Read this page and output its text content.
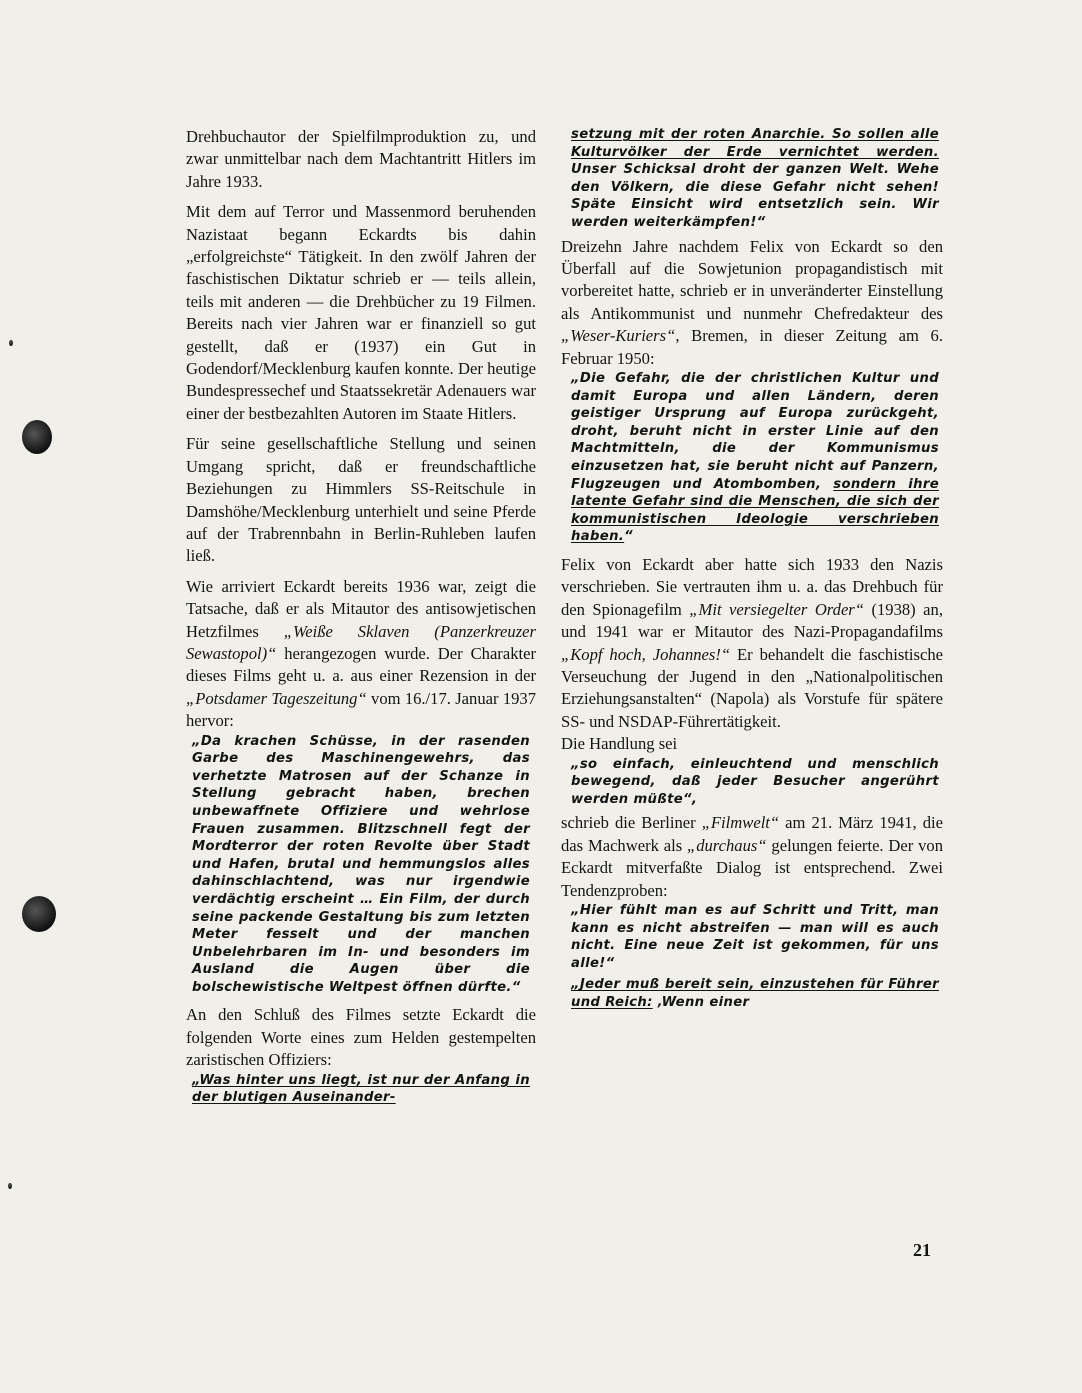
Drehbuchautor der Spielfilmproduktion zu, und zwar unmittelbar nach dem Machtantritt Hitlers im Jahre 1933.

Mit dem auf Terror und Massenmord beruhenden Nazistaat begann Eckardts bis dahin „erfolgreichste“ Tätigkeit. In den zwölf Jahren der faschistischen Diktatur schrieb er — teils allein, teils mit anderen — die Drehbücher zu 19 Filmen. Bereits nach vier Jahren war er finanziell so gut gestellt, daß er (1937) ein Gut in Godendorf/Mecklenburg kaufen konnte. Der heutige Bundespressechef und Staatssekretär Adenauers war einer der bestbezahlten Autoren im Staate Hitlers.

Für seine gesellschaftliche Stellung und seinen Umgang spricht, daß er freundschaftliche Beziehungen zu Himmlers SS-Reitschule in Damshöhe/Mecklenburg unterhielt und seine Pferde auf der Trabrennbahn in Berlin-Ruhleben laufen ließ.

Wie arriviert Eckardt bereits 1936 war, zeigt die Tatsache, daß er als Mitautor des antisowjetischen Hetzfilmes „Weiße Sklaven (Panzerkreuzer Sewastopol)“ herangezogen wurde. Der Charakter dieses Films geht u. a. aus einer Rezension in der „Potsdamer Tageszeitung“ vom 16./17. Januar 1937 hervor:

„Da krachen Schüsse, in der rasenden Garbe des Maschinengewehrs, das verhetzte Matrosen auf der Schanze in Stellung gebracht haben, brechen unbewaffnete Offiziere und wehrlose Frauen zusammen. Blitzschnell fegt der Mordterror der roten Revolte über Stadt und Hafen, brutal und hemmungslos alles dahinschlachtend, was nur irgendwie verdächtig erscheint … Ein Film, der durch seine packende Gestaltung bis zum letzten Meter fesselt und der manchen Unbelehrbaren im In- und besonders im Ausland die Augen über die bolschewistische Weltpest öffnen dürfte.“

An den Schluß des Filmes setzte Eckardt die folgenden Worte eines zum Helden gestempelten zaristischen Offiziers:

„Was hinter uns liegt, ist nur der Anfang in der blutigen Auseinander-

setzung mit der roten Anarchie. So sollen alle Kulturvölker der Erde vernichtet werden. Unser Schicksal droht der ganzen Welt. Wehe den Völkern, die diese Gefahr nicht sehen! Späte Einsicht wird entsetzlich sein. Wir werden weiterkämpfen!“

Dreizehn Jahre nachdem Felix von Eckardt so den Überfall auf die Sowjetunion propagandistisch mit vorbereitet hatte, schrieb er in unveränderter Einstellung als Antikommunist und nunmehr Chefredakteur des „Weser-Kuriers“, Bremen, in dieser Zeitung am 6. Februar 1950:

„Die Gefahr, die der christlichen Kultur und damit Europa und allen Ländern, deren geistiger Ursprung auf Europa zurückgeht, droht, beruht nicht in erster Linie auf den Machtmitteln, die der Kommunismus einzusetzen hat, sie beruht nicht auf Panzern, Flugzeugen und Atombomben, sondern ihre latente Gefahr sind die Menschen, die sich der kommunistischen Ideologie verschrieben haben.“

Felix von Eckardt aber hatte sich 1933 den Nazis verschrieben. Sie vertrauten ihm u. a. das Drehbuch für den Spionagefilm „Mit versiegelter Order“ (1938) an, und 1941 war er Mitautor des Nazi-Propagandafilms „Kopf hoch, Johannes!“ Er behandelt die faschistische Verseuchung der Jugend in den „Nationalpolitischen Erziehungsanstalten“ (Napola) als Vorstufe für spätere SS- und NSDAP-Führertätigkeit.

Die Handlung sei

„so einfach, einleuchtend und menschlich bewegend, daß jeder Besucher angerührt werden müßte“,

schrieb die Berliner „Filmwelt“ am 21. März 1941, die das Machwerk als „durchaus“ gelungen feierte. Der von Eckardt mitverfaßte Dialog ist entsprechend. Zwei Tendenzproben:

„Hier fühlt man es auf Schritt und Tritt, man kann es nicht abstreifen — man will es auch nicht. Eine neue Zeit ist gekommen, für uns alle!“

„Jeder muß bereit sein, einzustehen für Führer und Reich: ‚Wenn einer

21
